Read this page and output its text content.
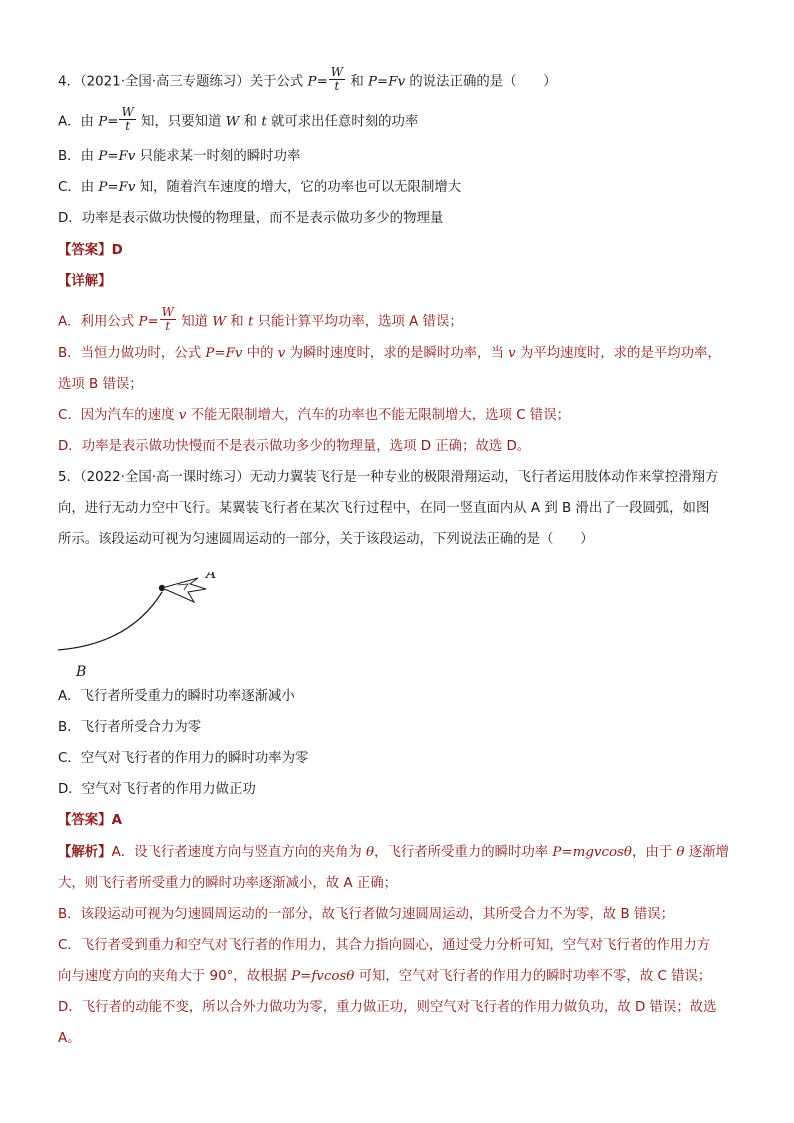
4．（2021·全国·高三专题练习）关于公式 $P= \frac{W}{t}$ 和 P=Fv 的说法正确的是（　　）
A．由 $P= \frac{W}{t}$ 知，只要知道 W 和 t 就可求出任意时刻的功率
B．由 P=Fv 只能求某一时刻的瞬时功率
C．由 P=Fv 知，随着汽车速度的增大，它的功率也可以无限制增大
D．功率是表示做功快慢的物理量，而不是表示做功多少的物理量
【答案】D
【详解】
A．利用公式 $P= \frac{W}{t}$ 知道 W 和 t 只能计算平均功率，选项 A 错误；
B．当恒力做功时，公式 P=Fv 中的 v 为瞬时速度时，求的是瞬时功率，当 v 为平均速度时，求的是平均功率，
选项 B 错误；
C．因为汽车的速度 v 不能无限制增大，汽车的功率也不能无限制增大，选项 C 错误；
D．功率是表示做功快慢而不是表示做功多少的物理量，选项 D 正确；故选 D。
5．（2022·全国·高一课时练习）无动力翼装飞行是一种专业的极限滑翔运动，飞行者运用肢体动作来掌控滑翔方
向，进行无动力空中飞行。某翼装飞行者在某次飞行过程中，在同一竖直面内从 A 到 B 滑出了一段圆弧，如图
所示。该段运动可视为匀速圆周运动的一部分，关于该段运动，下列说法正确的是（　　）
A
B
A．飞行者所受重力的瞬时功率逐渐减小
B．飞行者所受合力为零
C．空气对飞行者的作用力的瞬时功率为零
D．空气对飞行者的作用力做正功
【答案】A
【解析】A．设飞行者速度方向与竖直方向的夹角为 θ，飞行者所受重力的瞬时功率 P=mgvcosθ，由于 θ 逐渐增
大，则飞行者所受重力的瞬时功率逐渐减小，故 A 正确；
B．该段运动可视为匀速圆周运动的一部分，故飞行者做匀速圆周运动，其所受合力不为零，故 B 错误；
C．飞行者受到重力和空气对飞行者的作用力，其合力指向圆心，通过受力分析可知，空气对飞行者的作用力方
向与速度方向的夹角大于 90°，故根据 P=fvcosθ 可知，空气对飞行者的作用力的瞬时功率不零，故 C 错误；
D．飞行者的动能不变，所以合外力做功为零，重力做正功，则空气对飞行者的作用力做负功，故 D 错误；故选
A。
